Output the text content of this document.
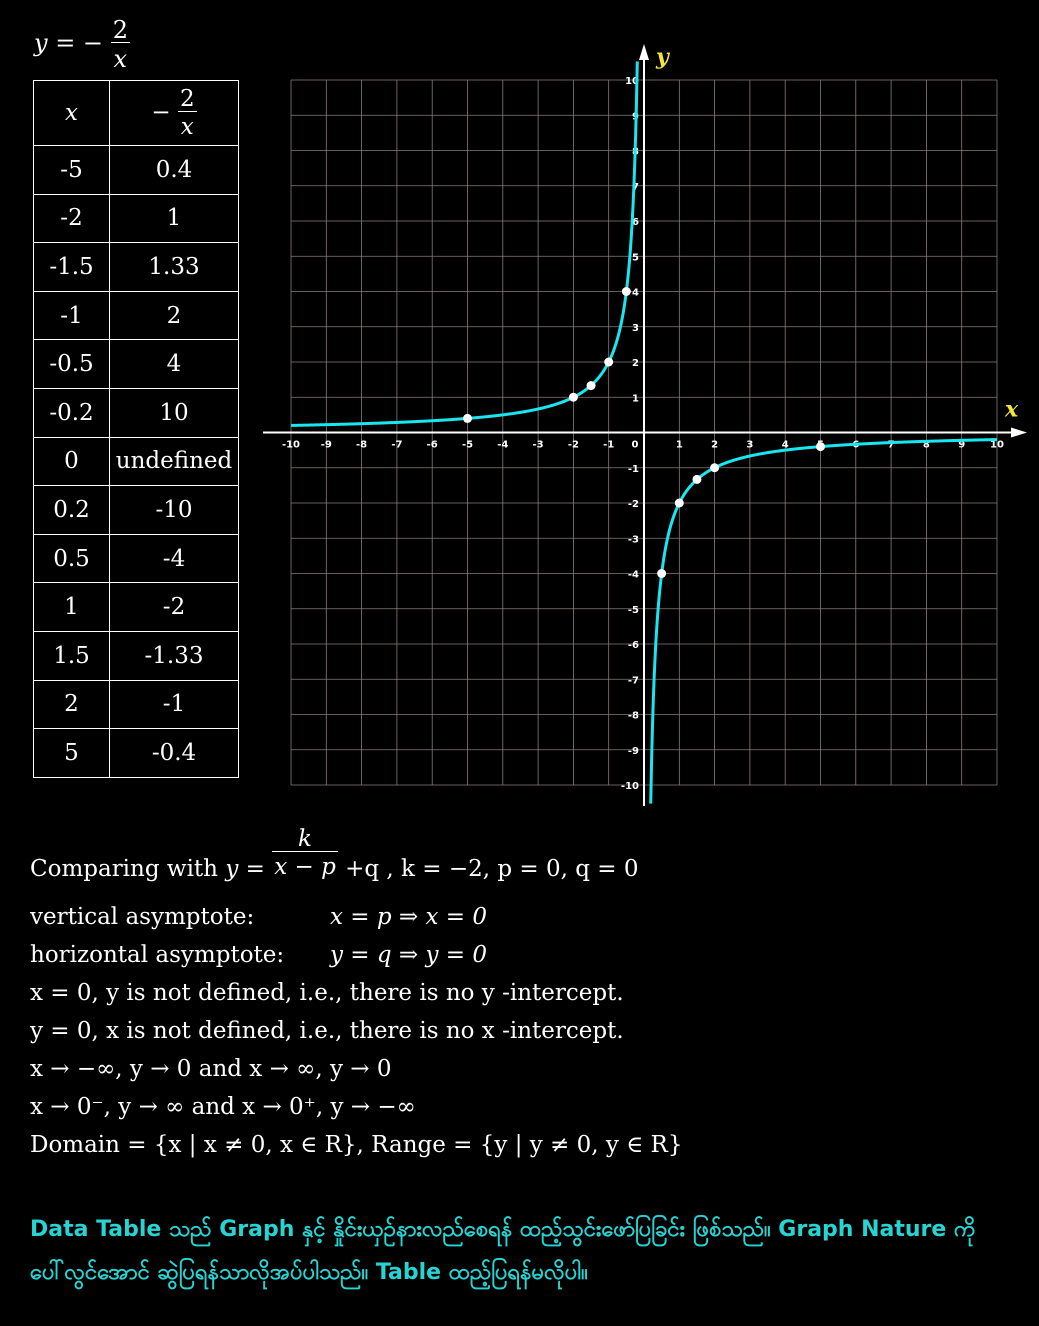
y = − $\frac{2}{x}$
x	− $\frac{2}{x}$

-5	0.4
-2	1
-1.5	1.33
-1	2
-0.5	4
-0.2	10
0	undefined
0.2	-10
0.5	-4
1	-2
1.5	-1.33
2	-1
5	-0.4
-10 -9 -8 -7 -6 -5 -4 -3 -2 -1 0	1	2	3	4	6	7	8	9 10
-10
-9
-8
-7
-6
-5
-4
-3
-2
-1
1
2
3
4
5
6
7
8
9
10
x
y
Comparing with $y = \frac{k}{x - p} +q$ , k = −2, p = 0, q = 0
vertical asymptote:	x = p ⇒ x = 0
horizontal asymptote: y = q ⇒ y = 0
x = 0, y is not defined, i.e., there is no y -intercept.
y = 0, x is not defined, i.e., there is no x -intercept.
x → −∞, y → 0 and x → ∞, y → 0
x → 0⁻, y → ∞ and x → 0⁺, y → −∞
Domain = {x | x ≠ 0, x ∈ R}, Range = {y | y ≠ 0, y ∈ R}
Data Table သည် Graph နှင့် နှိုင်းယှဉ်နားလည်စေရန် ထည့်သွင်းဖော်ပြခြင်း ဖြစ်သည်။ Graph Nature ကို
ပေါ်လွင်အောင် ဆွဲပြရန်သာလိုအပ်ပါသည်။ Table ထည့်ပြရန်မလိုပါ။
